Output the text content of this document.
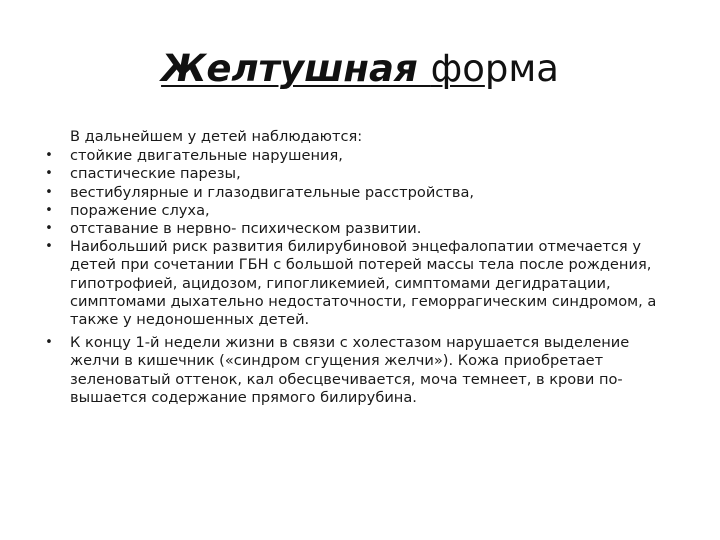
Желтушная форма
В дальнейшем у детей наблюдаются:
• стойкие двигательные нарушения,
• спастические парезы,
• вестибулярные и глазодвигательные расстройства,
• поражение слуха,
• отставание в нервно- психическом развитии.
• Наибольший риск развития билирубиновой энцефалопатии отмечается у детей при сочетании ГБН с большой потерей массы тела после рождения, гипотрофией, ацидозом, гипогликемией, симптомами дегидратации, симптомами дыхательно недостаточности, геморрагическим синдромом, а также у недоношенных детей.
• К концу 1-й недели жизни в связи с холестазом нарушается выделение желчи в кишечник («синдром сгущения желчи»). Кожа приобретает зеленоватый оттенок, кал обесцвечивается, моча темнеет, в крови по-вышается содержание прямого билирубина.
